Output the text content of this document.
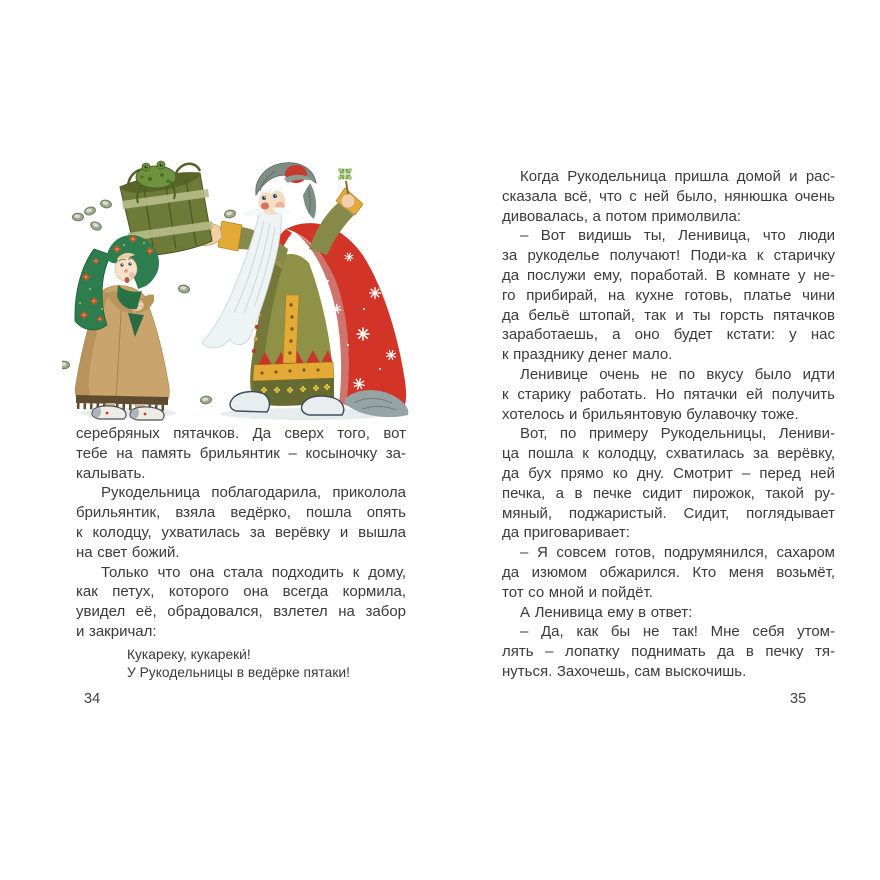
серебряных пятачков. Да сверх того, вот
тебе на память брильянтик – косыночку за-
калывать.
Рукодельница поблагодарила, приколола
брильянтик, взяла ведёрко, пошла опять
к колодцу, ухватилась за верёвку и вышла
на свет божий.
Только что она стала подходить к дому,
как петух, которого она всегда кормила,
увидел её, обрадовался, взлетел на забор
и закричал:
Кукареку, кукареки́!
У Рукодельницы в ведёрке пятаки!
34
Когда Рукодельница пришла домой и рас-
сказала всё, что с ней было, нянюшка очень
дивовалась, а потом примолвила:
– Вот видишь ты, Ленивица, что люди
за рукоделье получают! Поди-ка к старичку
да послужи ему, поработай. В комнате у не-
го прибирай, на кухне готовь, платье чини
да бельё штопай, так и ты горсть пятачков
заработаешь, а оно будет кстати: у нас
к празднику денег мало.
Ленивице очень не по вкусу было идти
к старику работать. Но пятачки ей получить
хотелось и брильянтовую булавочку тоже.
Вот, по примеру Рукодельницы, Лениви-
ца пошла к колодцу, схватилась за верёвку,
да бух прямо ко дну. Смотрит – перед ней
печка, а в печке сидит пирожок, такой ру-
мяный, поджаристый. Сидит, поглядывает
да приговаривает:
– Я совсем готов, подрумянился, сахаром
да изюмом обжарился. Кто меня возьмёт,
тот со мной и пойдёт.
А Ленивица ему в ответ:
– Да, как бы не так! Мне себя утом-
лять – лопатку поднимать да в печку тя-
нуться. Захочешь, сам выскочишь.
35
